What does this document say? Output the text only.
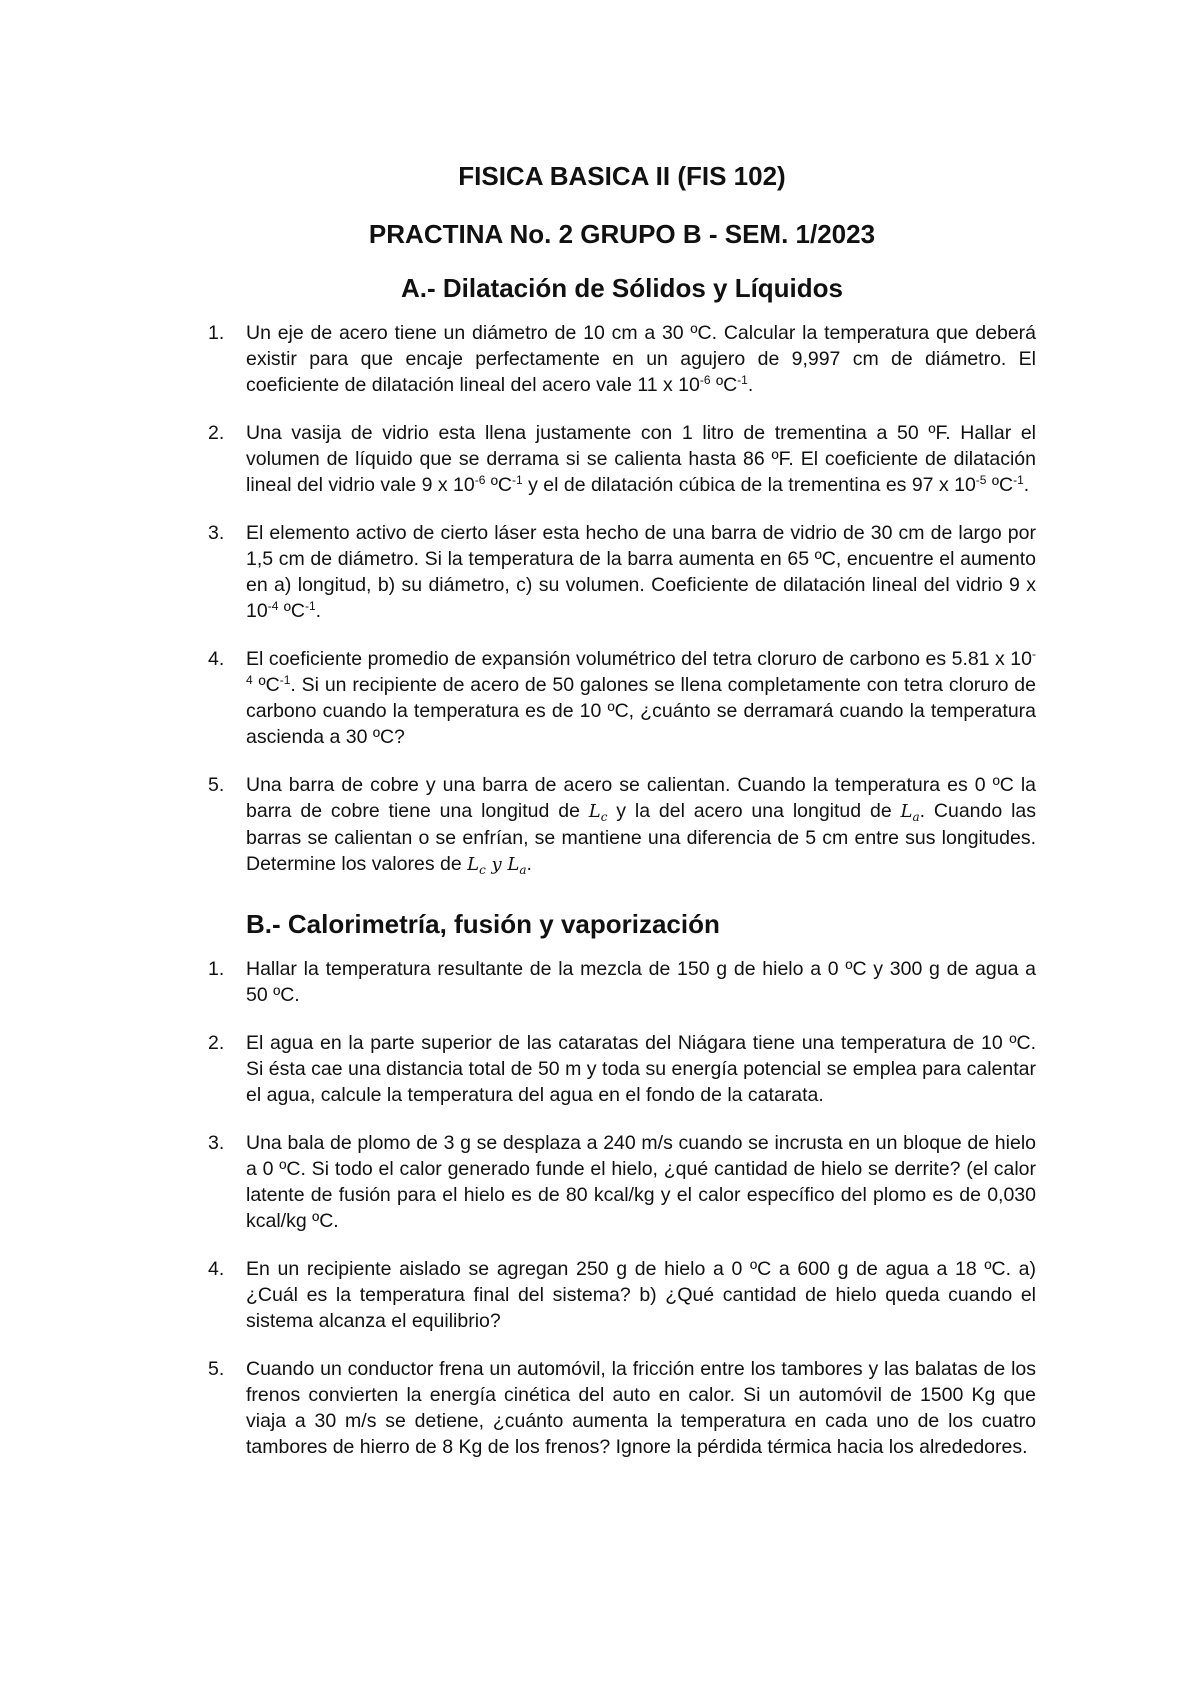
FISICA BASICA II (FIS 102)
PRACTINA No. 2 GRUPO B - SEM. 1/2023
A.- Dilatación de Sólidos y Líquidos
1. Un eje de acero tiene un diámetro de 10 cm a 30 ºC. Calcular la temperatura que deberá existir para que encaje perfectamente en un agujero de 9,997 cm de diámetro. El coeficiente de dilatación lineal del acero vale 11 x $10^{-6}$ ºC$^{-1}$.
2. Una vasija de vidrio esta llena justamente con 1 litro de trementina a 50 ºF. Hallar el volumen de líquido que se derrama si se calienta hasta 86 ºF. El coeficiente de dilatación lineal del vidrio vale 9 x $10^{-6}$ ºC$^{-1}$ y el de dilatación cúbica de la trementina es 97 x $10^{-5}$ ºC$^{-1}$.
3. El elemento activo de cierto láser esta hecho de una barra de vidrio de 30 cm de largo por 1,5 cm de diámetro. Si la temperatura de la barra aumenta en 65 ºC, encuentre el aumento en a) longitud, b) su diámetro, c) su volumen. Coeficiente de dilatación lineal del vidrio 9 x $10^{-4}$ ºC$^{-1}$.
4. El coeficiente promedio de expansión volumétrico del tetra cloruro de carbono es 5.81 x $10^{-4}$ ºC$^{-1}$. Si un recipiente de acero de 50 galones se llena completamente con tetra cloruro de carbono cuando la temperatura es de 10 ºC, ¿cuánto se derramará cuando la temperatura ascienda a 30 ºC?
5. Una barra de cobre y una barra de acero se calientan. Cuando la temperatura es 0 ºC la barra de cobre tiene una longitud de $L_c$ y la del acero una longitud de $L_a$. Cuando las barras se calientan o se enfrían, se mantiene una diferencia de 5 cm entre sus longitudes. Determine los valores de $L_c$ y $L_a$.
B.- Calorimetría, fusión y vaporización
1. Hallar la temperatura resultante de la mezcla de 150 g de hielo a 0 ºC y 300 g de agua a 50 ºC.
2. El agua en la parte superior de las cataratas del Niágara tiene una temperatura de 10 ºC. Si ésta cae una distancia total de 50 m y toda su energía potencial se emplea para calentar el agua, calcule la temperatura del agua en el fondo de la catarata.
3. Una bala de plomo de 3 g se desplaza a 240 m/s cuando se incrusta en un bloque de hielo a 0 ºC. Si todo el calor generado funde el hielo, ¿qué cantidad de hielo se derrite? (el calor latente de fusión para el hielo es de 80 kcal/kg y el calor específico del plomo es de 0,030 kcal/kg ºC.
4. En un recipiente aislado se agregan 250 g de hielo a 0 ºC a 600 g de agua a 18 ºC. a) ¿Cuál es la temperatura final del sistema? b) ¿Qué cantidad de hielo queda cuando el sistema alcanza el equilibrio?
5. Cuando un conductor frena un automóvil, la fricción entre los tambores y las balatas de los frenos convierten la energía cinética del auto en calor. Si un automóvil de 1500 Kg que viaja a 30 m/s se detiene, ¿cuánto aumenta la temperatura en cada uno de los cuatro tambores de hierro de 8 Kg de los frenos? Ignore la pérdida térmica hacia los alrededores.
